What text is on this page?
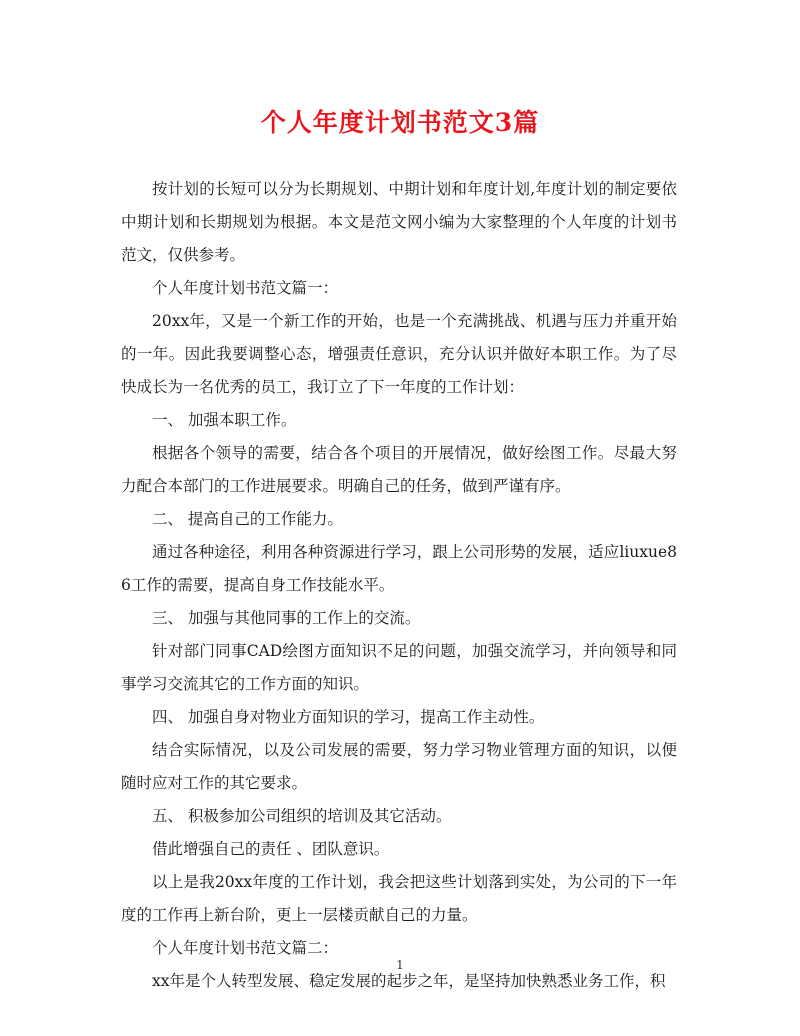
个人年度计划书范文3篇

按计划的长短可以分为长期规划、中期计划和年度计划,年度计划的制定要依中期计划和长期规划为根据。本文是范文网小编为大家整理的个人年度的计划书范文，仅供参考。

个人年度计划书范文篇一：

20xx年，又是一个新工作的开始，也是一个充满挑战、机遇与压力并重开始的一年。因此我要调整心态，增强责任意识，充分认识并做好本职工作。为了尽快成长为一名优秀的员工，我订立了下一年度的工作计划：

一、 加强本职工作。

根据各个领导的需要，结合各个项目的开展情况，做好绘图工作。尽最大努力配合本部门的工作进展要求。明确自己的任务，做到严谨有序。

二、 提高自己的工作能力。

通过各种途径，利用各种资源进行学习，跟上公司形势的发展，适应liuxue86工作的需要，提高自身工作技能水平。

三、 加强与其他同事的工作上的交流。

针对部门同事CAD绘图方面知识不足的问题，加强交流学习，并向领导和同事学习交流其它的工作方面的知识。

四、 加强自身对物业方面知识的学习，提高工作主动性。

结合实际情况，以及公司发展的需要，努力学习物业管理方面的知识，以便随时应对工作的其它要求。

五、 积极参加公司组织的培训及其它活动。

借此增强自己的责任 、团队意识。

以上是我20xx年度的工作计划，我会把这些计划落到实处，为公司的下一年度的工作再上新台阶，更上一层楼贡献自己的力量。

个人年度计划书范文篇二：

xx年是个人转型发展、稳定发展的起步之年，是坚持加快熟悉业务工作，积

1
